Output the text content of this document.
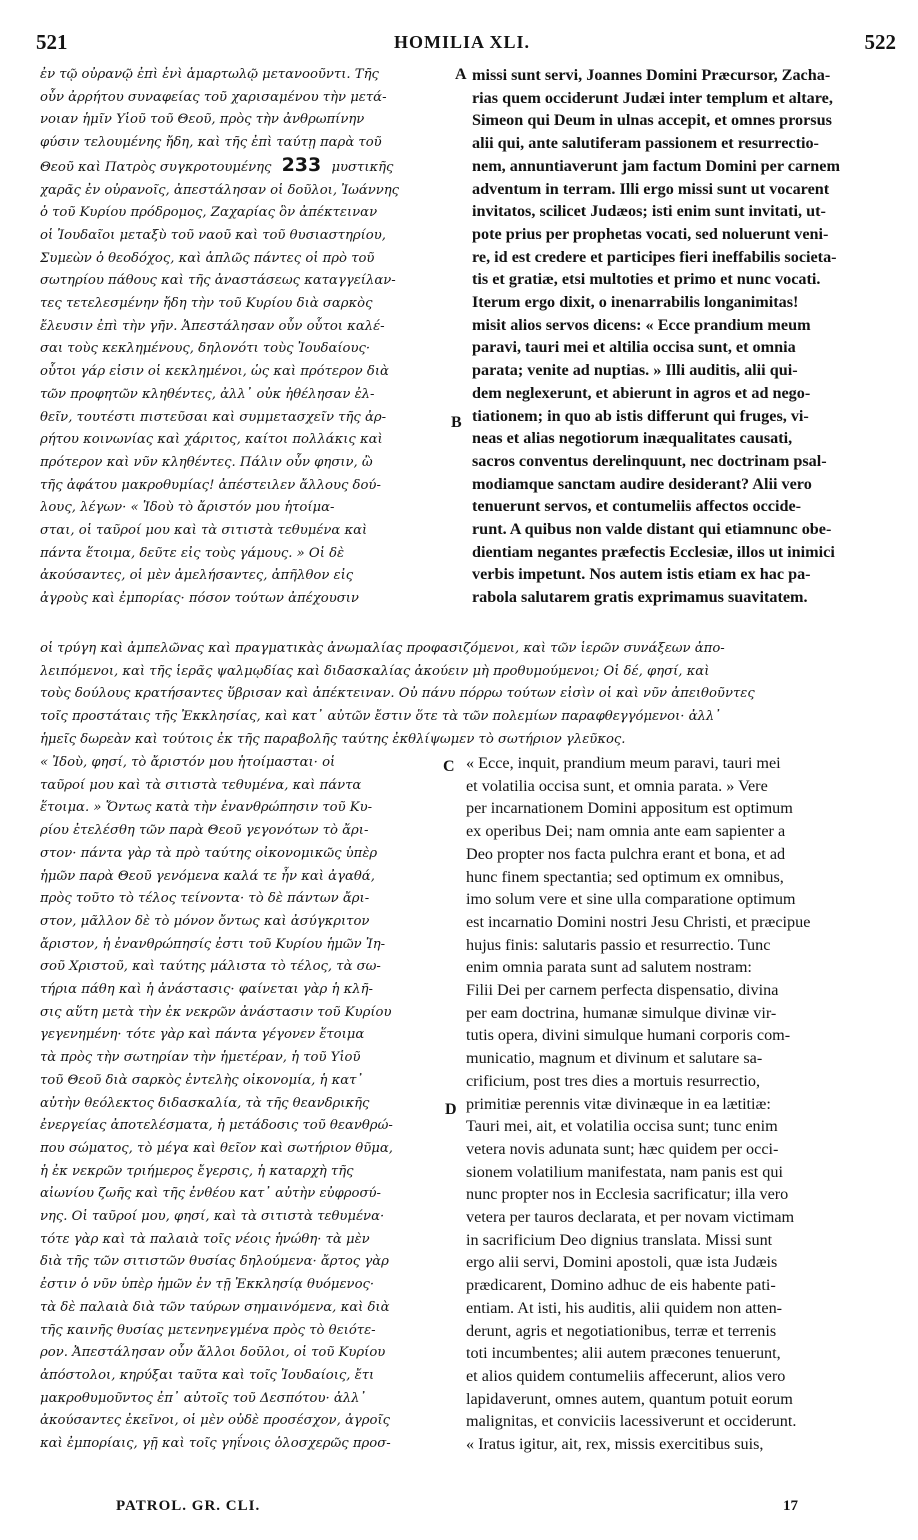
521	HOMILIA XLI.	522
ἐν τῷ οὐρανῷ ἐπὶ ἑνὶ ἁμαρτωλῷ μετανοοῦντι. Τῆς
οὖν ἀρρήτου συναφείας τοῦ χαρισαμένου τὴν μετά-
νοιαν ἡμῖν Υἱοῦ τοῦ Θεοῦ, πρὸς τὴν ἀνθρωπίνην
φύσιν τελουμένης ἤδη, καὶ τῆς ἐπὶ ταύτῃ παρὰ τοῦ
Θεοῦ καὶ Πατρὸς συγκροτουμένης 233 μυστικῆς
χαρᾶς ἐν οὐρανοῖς, ἀπεστάλησαν οἱ δοῦλοι, Ἰωάννης
ὁ τοῦ Κυρίου πρόδρομος, Ζαχαρίας ὃν ἀπέκτειναν
οἱ Ἰουδαῖοι μεταξὺ τοῦ ναοῦ καὶ τοῦ θυσιαστηρίου,
Συμεὼν ὁ θεοδόχος, καὶ ἁπλῶς πάντες οἱ πρὸ τοῦ
σωτηρίου πάθους καὶ τῆς ἀναστάσεως καταγγείλαν-
τες τετελεσμένην ἤδη τὴν τοῦ Κυρίου διὰ σαρκὸς
ἔλευσιν ἐπὶ τὴν γῆν. Ἀπεστάλησαν οὖν οὗτοι καλέ-
σαι τοὺς κεκλημένους, δηλονότι τοὺς Ἰουδαίους·
οὗτοι γάρ εἰσιν οἱ κεκλημένοι, ὡς καὶ πρότερον διὰ
τῶν προφητῶν κληθέντες, ἀλλ᾽ οὐκ ἠθέλησαν ἐλ-
θεῖν, τουτέστι πιστεῦσαι καὶ συμμετασχεῖν τῆς ἀρ-
ρήτου κοινωνίας καὶ χάριτος, καίτοι πολλάκις καὶ
πρότερον καὶ νῦν κληθέντες. Πάλιν οὖν φησιν, ὢ
τῆς ἀφάτου μακροθυμίας! ἀπέστειλεν ἄλλους δού-
λους, λέγων· « Ἰδοὺ τὸ ἄριστόν μου ἡτοίμα-
σται, οἱ ταῦροί μου καὶ τὰ σιτιστὰ τεθυμένα καὶ
πάντα ἕτοιμα, δεῦτε εἰς τοὺς γάμους. » Οἱ δὲ
ἀκούσαντες, οἱ μὲν ἀμελήσαντες, ἀπῆλθον εἰς
ἀγροὺς καὶ ἐμπορίας· πόσον τούτων ἀπέχουσιν
missi sunt servi, Joannes Domini Præcursor, Zacha-
rias quem occiderunt Judæi inter templum et altare,
Simeon qui Deum in ulnas accepit, et omnes prorsus
alii qui, ante salutiferam passionem et resurrectio-
nem, annuntiaverunt jam factum Domini per carnem
adventum in terram. Illi ergo missi sunt ut vocarent
invitatos, scilicet Judæos; isti enim sunt invitati, ut-
pote prius per prophetas vocati, sed noluerunt veni-
re, id est credere et participes fieri ineffabilis societa-
tis et gratiæ, etsi multoties et primo et nunc vocati.
Iterum ergo dixit, o inenarrabilis longanimitas!
misit alios servos dicens: « Ecce prandium meum
paravi, tauri mei et altilia occisa sunt, et omnia
parata; venite ad nuptias. » Illi auditis, alii qui-
dem neglexerunt, et abierunt in agros et ad nego-
tiationem; in quo ab istis differunt qui fruges, vi-
neas et alias negotiorum inæqualitates causati,
sacros conventus derelinquunt, nec doctrinam psal-
modiamque sanctam audire desiderant? Alii vero
tenuerunt servos, et contumeliis affectos occide-
runt. A quibus non valde distant qui etiamnunc obe-
dientiam negantes præfectis Ecclesiæ, illos ut inimici
verbis impetunt. Nos autem istis etiam ex hac pa-
rabola salutarem gratis exprimamus suavitatem.
οἱ τρύγη καὶ ἀμπελῶνας καὶ πραγματικὰς ἀνωμαλίας προφασιζόμενοι, καὶ τῶν ἱερῶν συνάξεων ἀπο-
λειπόμενοι, καὶ τῆς ἱερᾶς ψαλμῳδίας καὶ διδασκαλίας ἀκούειν μὴ προθυμούμενοι; Οἱ δέ, φησί, καὶ
τοὺς δούλους κρατήσαντες ὕβρισαν καὶ ἀπέκτειναν. Οὐ πάνυ πόρρω τούτων εἰσὶν οἱ καὶ νῦν ἀπειθοῦντες
τοῖς προστάταις τῆς Ἐκκλησίας, καὶ κατ᾽ αὐτῶν ἔστιν ὅτε τὰ τῶν πολεμίων παραφθεγγόμενοι· ἀλλ᾽
ἡμεῖς δωρεὰν καὶ τούτοις ἐκ τῆς παραβολῆς ταύτης ἐκθλίψωμεν τὸ σωτήριον γλεῦκος.
« Ἰδοὺ, φησί, τὸ ἄριστόν μου ἡτοίμασται· οἱ
ταῦροί μου καὶ τὰ σιτιστὰ τεθυμένα, καὶ πάντα
ἕτοιμα. » Ὄντως κατὰ τὴν ἐνανθρώπησιν τοῦ Κυ-
ρίου ἐτελέσθη τῶν παρὰ Θεοῦ γεγονότων τὸ ἄρι-
στον· πάντα γὰρ τὰ πρὸ ταύτης οἰκονομικῶς ὑπὲρ
ἡμῶν παρὰ Θεοῦ γενόμενα καλά τε ἦν καὶ ἀγαθά,
πρὸς τοῦτο τὸ τέλος τείνοντα· τὸ δὲ πάντων ἄρι-
στον, μᾶλλον δὲ τὸ μόνον ὄντως καὶ ἀσύγκριτον
ἄριστον, ἡ ἐνανθρώπησίς ἐστι τοῦ Κυρίου ἡμῶν Ἰη-
σοῦ Χριστοῦ, καὶ ταύτης μάλιστα τὸ τέλος, τὰ σω-
τήρια πάθη καὶ ἡ ἀνάστασις· φαίνεται γὰρ ἡ κλῆ-
σις αὕτη μετὰ τὴν ἐκ νεκρῶν ἀνάστασιν τοῦ Κυρίου
γεγενημένη· τότε γὰρ καὶ πάντα γέγονεν ἕτοιμα
τὰ πρὸς τὴν σωτηρίαν τὴν ἡμετέραν, ἡ τοῦ Υἱοῦ
τοῦ Θεοῦ διὰ σαρκὸς ἐντελὴς οἰκονομία, ἡ κατ᾽
αὐτὴν θεόλεκτος διδασκαλία, τὰ τῆς θεανδρικῆς
ἐνεργείας ἀποτελέσματα, ἡ μετάδοσις τοῦ θεανθρώ-
που σώματος, τὸ μέγα καὶ θεῖον καὶ σωτήριον θῦμα,
ἡ ἐκ νεκρῶν τριήμερος ἔγερσις, ἡ καταρχὴ τῆς
αἰωνίου ζωῆς καὶ τῆς ἐνθέου κατ᾽ αὐτὴν εὐφροσύ-
νης. Οἱ ταῦροί μου, φησί, καὶ τὰ σιτιστὰ τεθυμένα·
τότε γὰρ καὶ τὰ παλαιὰ τοῖς νέοις ἡνώθη· τὰ μὲν
διὰ τῆς τῶν σιτιστῶν θυσίας δηλούμενα· ἄρτος γὰρ
ἐστιν ὁ νῦν ὑπὲρ ἡμῶν ἐν τῇ Ἐκκλησίᾳ θυόμενος·
τὰ δὲ παλαιὰ διὰ τῶν ταύρων σημαινόμενα, καὶ διὰ
τῆς καινῆς θυσίας μετενηνεγμένα πρὸς τὸ θειότε-
ρον. Ἀπεστάλησαν οὖν ἄλλοι δοῦλοι, οἱ τοῦ Κυρίου
ἀπόστολοι, κηρύξαι ταῦτα καὶ τοῖς Ἰουδαίοις, ἔτι
μακροθυμοῦντος ἐπ᾽ αὐτοῖς τοῦ Δεσπότου· ἀλλ᾽
ἀκούσαντες ἐκεῖνοι, οἱ μὲν οὐδὲ προσέσχον, ἀγροῖς
καὶ ἐμπορίαις, γῇ καὶ τοῖς γηΐνοις ὁλοσχερῶς προσ-
« Ecce, inquit, prandium meum paravi, tauri mei
et volatilia occisa sunt, et omnia parata. » Vere
per incarnationem Domini appositum est optimum
ex operibus Dei; nam omnia ante eam sapienter a
Deo propter nos facta pulchra erant et bona, et ad
hunc finem spectantia; sed optimum ex omnibus,
imo solum vere et sine ulla comparatione optimum
est incarnatio Domini nostri Jesu Christi, et præcipue
hujus finis: salutaris passio et resurrectio. Tunc
enim omnia parata sunt ad salutem nostram:
Filii Dei per carnem perfecta dispensatio, divina
per eam doctrina, humanæ simulque divinæ vir-
tutis opera, divini simulque humani corporis com-
municatio, magnum et divinum et salutare sa-
crificium, post tres dies a mortuis resurrectio,
primitiæ perennis vitæ divinæque in ea lætitiæ:
Tauri mei, ait, et volatilia occisa sunt; tunc enim
vetera novis adunata sunt; hæc quidem per occi-
sionem volatilium manifestata, nam panis est qui
nunc propter nos in Ecclesia sacrificatur; illa vero
vetera per tauros declarata, et per novam victimam
in sacrificium Deo dignius translata. Missi sunt
ergo alii servi, Domini apostoli, quæ ista Judæis
prædicarent, Domino adhuc de eis habente pati-
entiam. At isti, his auditis, alii quidem non atten-
derunt, agris et negotiationibus, terræ et terrenis
toti incumbentes; alii autem præcones tenuerunt,
et alios quidem contumeliis affecerunt, alios vero
lapidaverunt, omnes autem, quantum potuit eorum
malignitas, et conviciis lacessiverunt et occiderunt.
« Iratus igitur, ait, rex, missis exercitibus suis,
A
B
C
D
PATROL. GR. CLI.	17
